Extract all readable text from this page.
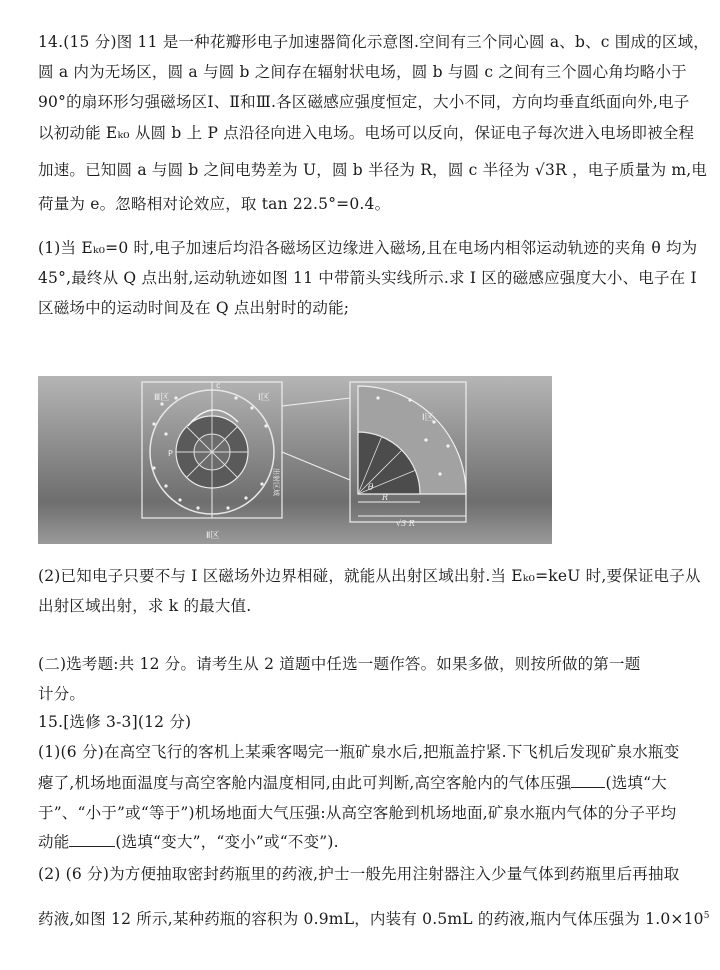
14.(15 分)图 11 是一种花瓣形电子加速器简化示意图.空间有三个同心圆 a、b、c 围成的区域，
圆 a 内为无场区，圆 a 与圆 b 之间存在辐射状电场，圆 b 与圆 c 之间有三个圆心角均略小于
90°的扇环形匀强磁场区Ⅰ、Ⅱ和Ⅲ.各区磁感应强度恒定，大小不同，方向均垂直纸面向外,电子
以初动能 Eₖ₀ 从圆 b 上 P 点沿径向进入电场。电场可以反向，保证电子每次进入电场即被全程
加速。已知圆 a 与圆 b 之间电势差为 U，圆 b 半径为 R，圆 c 半径为 √3R ，电子质量为 m,电
荷量为 e。忽略相对论效应，取 tan 22.5°=0.4。
(1)当 Eₖ₀=0 时,电子加速后均沿各磁场区边缘进入磁场,且在电场内相邻运动轨迹的夹角 θ 均为
45°,最终从 Q 点出射,运动轨迹如图 11 中带箭头实线所示.求 I 区的磁感应强度大小、电子在 I
区磁场中的运动时间及在 Q 点出射时的动能;
Ⅲ区	Ⅰ区
Ⅱ区
c
P
出射区域
Ⅰ区
θ
R
√3 R
(2)已知电子只要不与 I 区磁场外边界相碰，就能从出射区域出射.当 Eₖ₀=keU 时,要保证电子从
出射区域出射，求 k 的最大值.
(二)选考题:共 12 分。请考生从 2 道题中任选一题作答。如果多做，则按所做的第一题
计分。
15.[选修 3-3](12 分)
(1)(6 分)在高空飞行的客机上某乘客喝完一瓶矿泉水后,把瓶盖拧紧.下飞机后发现矿泉水瓶变
瘪了,机场地面温度与高空客舱内温度相同,由此可判断,高空客舱内的气体压强 (选填“大
于”、“小于”或“等于”)机场地面大气压强:从高空客舱到机场地面,矿泉水瓶内气体的分子平均
动能	(选填“变大”，“变小”或“不变”).
(2) (6 分)为方便抽取密封药瓶里的药液,护士一般先用注射器注入少量气体到药瓶里后再抽取
药液,如图 12 所示,某种药瓶的容积为 0.9mL，内装有 0.5mL 的药液,瓶内气体压强为 $1.0\times 10^5$
